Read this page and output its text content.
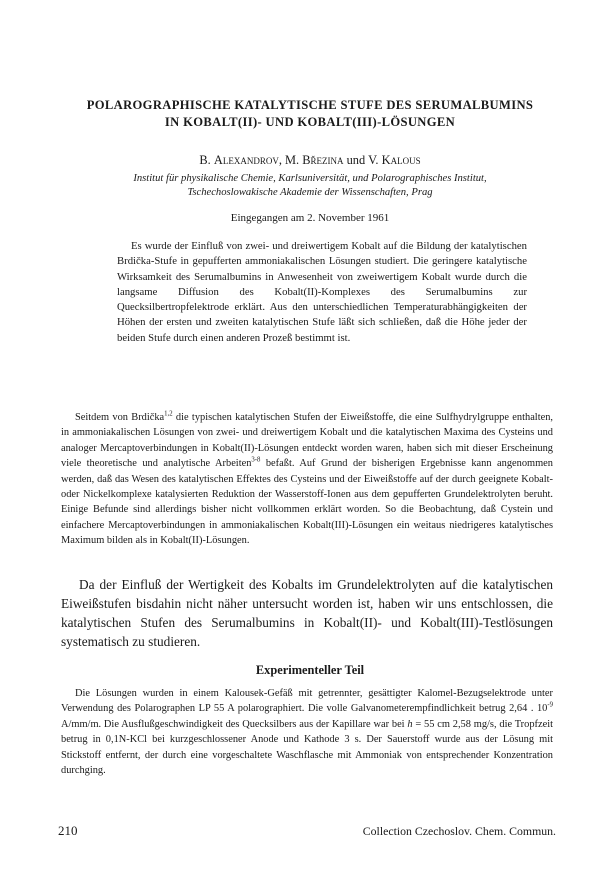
POLAROGRAPHISCHE KATALYTISCHE STUFE DES SERUMALBUMINS
IN KOBALT(II)- UND KOBALT(III)-LÖSUNGEN

B. Alexandrov, M. Březina und V. Kalous

Institut für physikalische Chemie, Karlsuniversität, und Polarographisches Institut,
Tschechoslowakische Akademie der Wissenschaften, Prag

Eingegangen am 2. November 1961

Es wurde der Einfluß von zwei- und dreiwertigem Kobalt auf die Bildung der katalytischen Brdička-Stufe in gepufferten ammoniakalischen Lösungen studiert. Die geringere katalytische Wirksamkeit des Serumalbumins in Anwesenheit von zweiwertigem Kobalt wurde durch die langsame Diffusion des Kobalt(II)-Komplexes des Serumalbumins zur Quecksilbertropfelektrode erklärt. Aus den unterschiedlichen Temperaturabhängigkeiten der Höhen der ersten und zweiten katalytischen Stufe läßt sich schließen, daß die Höhe jeder der beiden Stufe durch einen anderen Prozeß bestimmt ist.

Seitdem von Brdička$^{1,2}$ die typischen katalytischen Stufen der Eiweißstoffe, die eine Sulfhydrylgruppe enthalten, in ammoniakalischen Lösungen von zwei- und dreiwertigem Kobalt und die katalytischen Maxima des Cysteins und analoger Mercaptoverbindungen in Kobalt(II)-Lösungen entdeckt worden waren, haben sich mit dieser Erscheinung viele theoretische und analytische Arbeiten$^{3-8}$ befaßt. Auf Grund der bisherigen Ergebnisse kann angenommen werden, daß das Wesen des katalytischen Effektes des Cysteins und der Eiweißstoffe auf der durch geeignete Kobalt- oder Nickelkomplexe katalysierten Reduktion der Wasserstoff-Ionen aus dem gepufferten Grundelektrolyten beruht. Einige Befunde sind allerdings bisher nicht vollkommen erklärt worden. So die Beobachtung, daß Cystein und einfachere Mercaptoverbindungen in ammoniakalischen Kobalt(III)-Lösungen ein weitaus niedrigeres katalytisches Maximum bilden als in Kobalt(II)-Lösungen.

Da der Einfluß der Wertigkeit des Kobalts im Grundelektrolyten auf die katalytischen Eiweißstufen bisdahin nicht näher untersucht worden ist, haben wir uns entschlossen, die katalytischen Stufen des Serumalbumins in Kobalt(II)- und Kobalt(III)-Testlösungen systematisch zu studieren.

Experimenteller Teil

Die Lösungen wurden in einem Kalousek-Gefäß mit getrennter, gesättigter Kalomel-Bezugselektrode unter Verwendung des Polarographen LP 55 A polarographiert. Die volle Galvanometerempfindlichkeit betrug 2,64 . $10^{-9}$ A/mm/m. Die Ausflußgeschwindigkeit des Quecksilbers aus der Kapillare war bei h = 55 cm 2,58 mg/s, die Tropfzeit betrug in 0,1N-KCl bei kurzgeschlossener Anode und Kathode 3 s. Der Sauerstoff wurde aus der Lösung mit Stickstoff entfernt, der durch eine vorgeschaltete Waschflasche mit Ammoniak von entsprechender Konzentration durchging.

210	Collection Czechoslov. Chem. Commun.
